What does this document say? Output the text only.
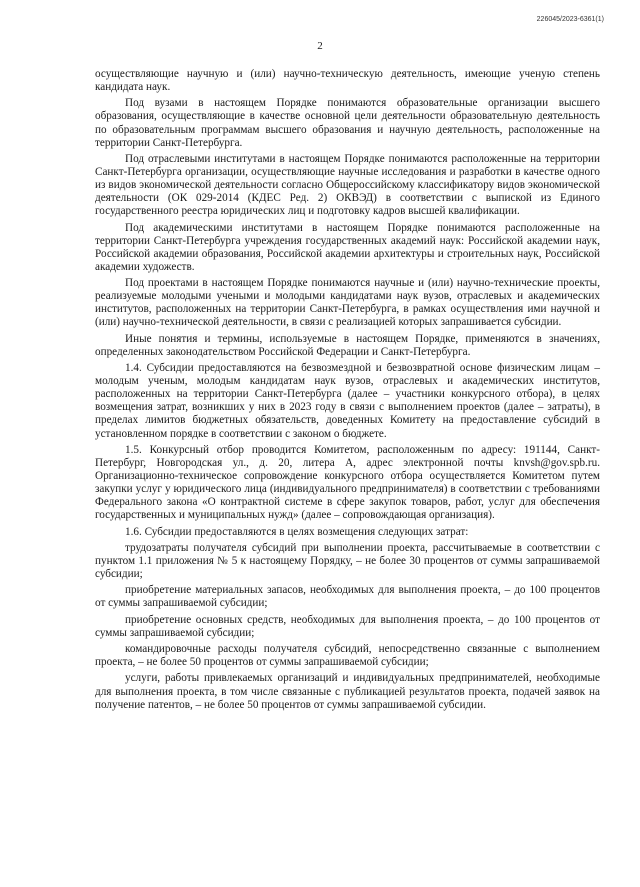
226045/2023-6361(1)
2

осуществляющие научную и (или) научно-техническую деятельность, имеющие ученую степень кандидата наук.

Под вузами в настоящем Порядке понимаются образовательные организации высшего образования, осуществляющие в качестве основной цели деятельности образовательную деятельность по образовательным программам высшего образования и научную деятельность, расположенные на территории Санкт-Петербурга.

Под отраслевыми институтами в настоящем Порядке понимаются расположенные на территории Санкт-Петербурга организации, осуществляющие научные исследования и разработки в качестве одного из видов экономической деятельности согласно Общероссийскому классификатору видов экономической деятельности (ОК 029-2014 (КДЕС Ред. 2) ОКВЭД) в соответствии с выпиской из Единого государственного реестра юридических лиц и подготовку кадров высшей квалификации.

Под академическими институтами в настоящем Порядке понимаются расположенные на территории Санкт-Петербурга учреждения государственных академий наук: Российской академии наук, Российской академии образования, Российской академии архитектуры и строительных наук, Российской академии художеств.

Под проектами в настоящем Порядке понимаются научные и (или) научно-технические проекты, реализуемые молодыми учеными и молодыми кандидатами наук вузов, отраслевых и академических институтов, расположенных на территории Санкт-Петербурга, в рамках осуществления ими научной и (или) научно-технической деятельности, в связи с реализацией которых запрашивается субсидии.

Иные понятия и термины, используемые в настоящем Порядке, применяются в значениях, определенных законодательством Российской Федерации и Санкт-Петербурга.

1.4. Субсидии предоставляются на безвозмездной и безвозвратной основе физическим лицам – молодым ученым, молодым кандидатам наук вузов, отраслевых и академических институтов, расположенных на территории Санкт-Петербурга (далее – участники конкурсного отбора), в целях возмещения затрат, возникших у них в 2023 году в связи с выполнением проектов (далее – затраты), в пределах лимитов бюджетных обязательств, доведенных Комитету на предоставление субсидий в установленном порядке в соответствии с законом о бюджете.

1.5. Конкурсный отбор проводится Комитетом, расположенным по адресу: 191144, Санкт-Петербург, Новгородская ул., д. 20, литера А, адрес электронной почты knvsh@gov.spb.ru. Организационно-техническое сопровождение конкурсного отбора осуществляется Комитетом путем закупки услуг у юридического лица (индивидуального предпринимателя) в соответствии с требованиями Федерального закона «О контрактной системе в сфере закупок товаров, работ, услуг для обеспечения государственных и муниципальных нужд» (далее – сопровождающая организация).

1.6. Субсидии предоставляются в целях возмещения следующих затрат:

трудозатраты получателя субсидий при выполнении проекта, рассчитываемые в соответствии с пунктом 1.1 приложения № 5 к настоящему Порядку, – не более 30 процентов от суммы запрашиваемой субсидии;

приобретение материальных запасов, необходимых для выполнения проекта, – до 100 процентов от суммы запрашиваемой субсидии;

приобретение основных средств, необходимых для выполнения проекта, – до 100 процентов от суммы запрашиваемой субсидии;

командировочные расходы получателя субсидий, непосредственно связанные с выполнением проекта, – не более 50 процентов от суммы запрашиваемой субсидии;

услуги, работы привлекаемых организаций и индивидуальных предпринимателей, необходимые для выполнения проекта, в том числе связанные с публикацией результатов проекта, подачей заявок на получение патентов, – не более 50 процентов от суммы запрашиваемой субсидии.
